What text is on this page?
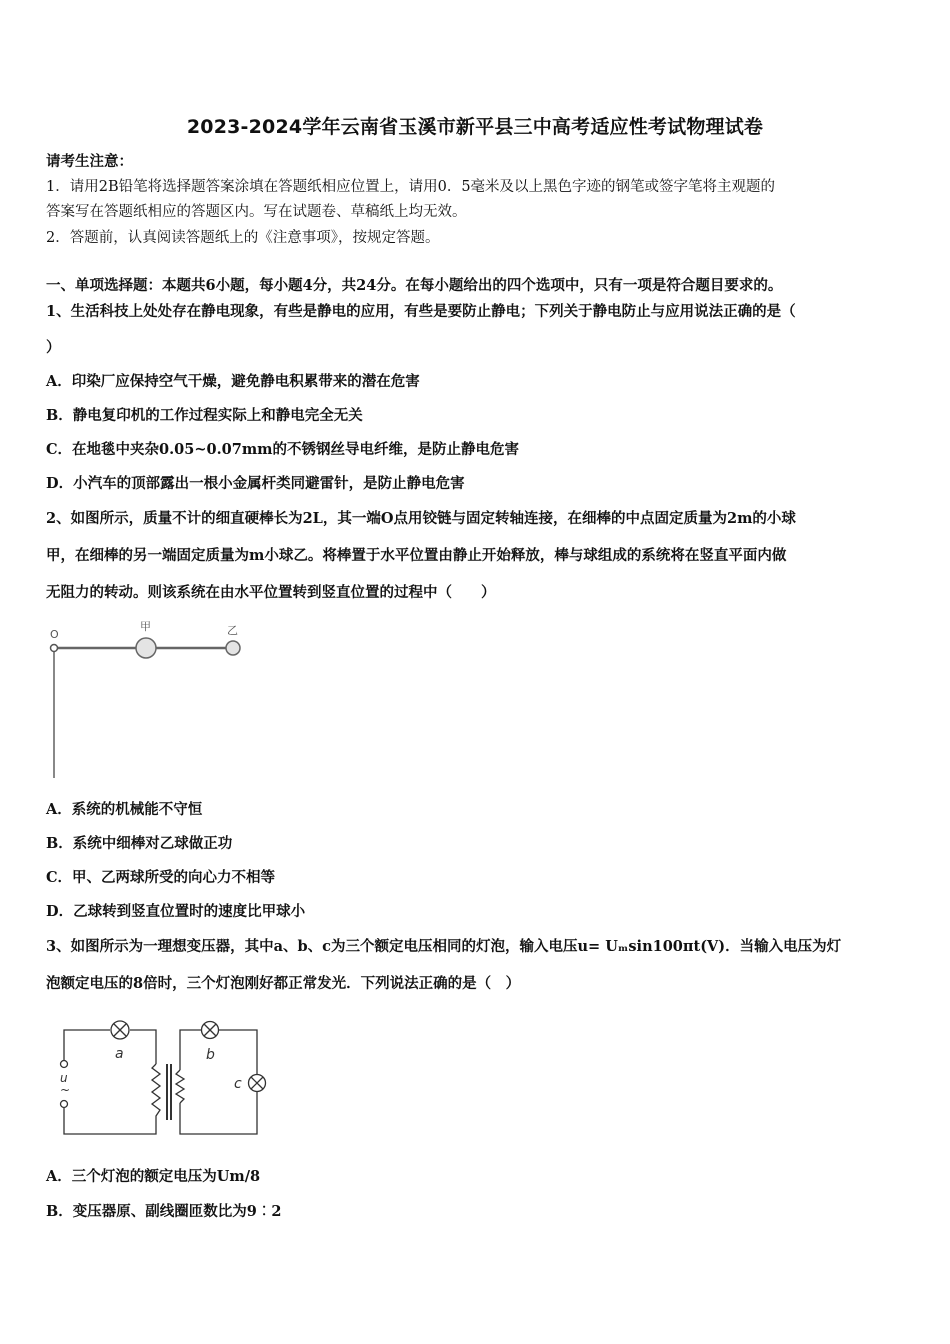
2023-2024学年云南省玉溪市新平县三中高考适应性考试物理试卷
请考生注意：
1．请用2B铅笔将选择题答案涂填在答题纸相应位置上，请用0．5毫米及以上黑色字迹的钢笔或签字笔将主观题的
答案写在答题纸相应的答题区内。写在试题卷、草稿纸上均无效。
2．答题前，认真阅读答题纸上的《注意事项》，按规定答题。
一、单项选择题：本题共6小题，每小题4分，共24分。在每小题给出的四个选项中，只有一项是符合题目要求的。
1、生活科技上处处存在静电现象，有些是静电的应用，有些是要防止静电；下列关于静电防止与应用说法正确的是（
）
A．印染厂应保持空气干燥，避免静电积累带来的潜在危害
B．静电复印机的工作过程实际上和静电完全无关
C．在地毯中夹杂0.05~0.07mm的不锈钢丝导电纤维，是防止静电危害
D．小汽车的顶部露出一根小金属杆类同避雷针，是防止静电危害
2、如图所示，质量不计的细直硬棒长为2L，其一端O点用铰链与固定转轴连接，在细棒的中点固定质量为2m的小球
甲，在细棒的另一端固定质量为m小球乙。将棒置于水平位置由静止开始释放，棒与球组成的系统将在竖直平面内做
无阻力的转动。则该系统在由水平位置转到竖直位置的过程中（　　）
O
甲	乙
A．系统的机械能不守恒
B．系统中细棒对乙球做正功
C．甲、乙两球所受的向心力不相等
D．乙球转到竖直位置时的速度比甲球小
3、如图所示为一理想变压器，其中a、b、c为三个额定电压相同的灯泡，输入电压u= Uₘsin100πt(V)．当输入电压为灯
泡额定电压的8倍时，三个灯泡刚好都正常发光．下列说法正确的是（　）
a	b
c
u
~
A．三个灯泡的额定电压为Um/8
B．变压器原、副线圈匝数比为9︰2
